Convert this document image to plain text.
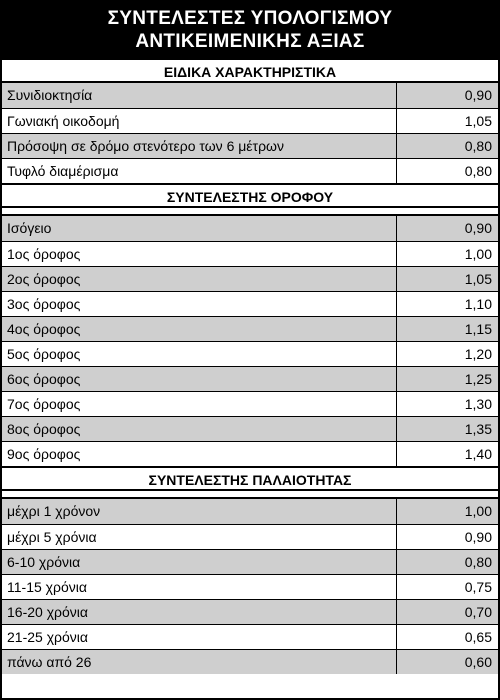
ΣΥΝΤΕΛΕΣΤΕΣ ΥΠΟΛΟΓΙΣΜΟΥ
ΑΝΤΙΚΕΙΜΕΝΙΚΗΣ ΑΞΙΑΣ
ΕΙΔΙΚΑ ΧΑΡΑΚΤΗΡΙΣΤΙΚΑ
Συνιδιοκτησία	0,90
Γωνιακή οικοδομή	1,05
Πρόσοψη σε δρόμο στενότερο των 6 μέτρων	0,80
Τυφλό διαμέρισμα	0,80
ΣΥΝΤΕΛΕΣΤΗΣ ΟΡΟΦΟΥ
Ισόγειο	0,90
1ος όροφος	1,00
2ος όροφος	1,05
3ος όροφος	1,10
4ος όροφος	1,15
5ος όροφος	1,20
6ος όροφος	1,25
7ος όροφος	1,30
8ος όροφος	1,35
9ος όροφος	1,40
ΣΥΝΤΕΛΕΣΤΗΣ ΠΑΛΑΙΟΤΗΤΑΣ
μέχρι 1 χρόνον	1,00
μέχρι 5 χρόνια	0,90
6-10 χρόνια	0,80
11-15 χρόνια	0,75
16-20 χρόνια	0,70
21-25 χρόνια	0,65
πάνω από 26	0,60
